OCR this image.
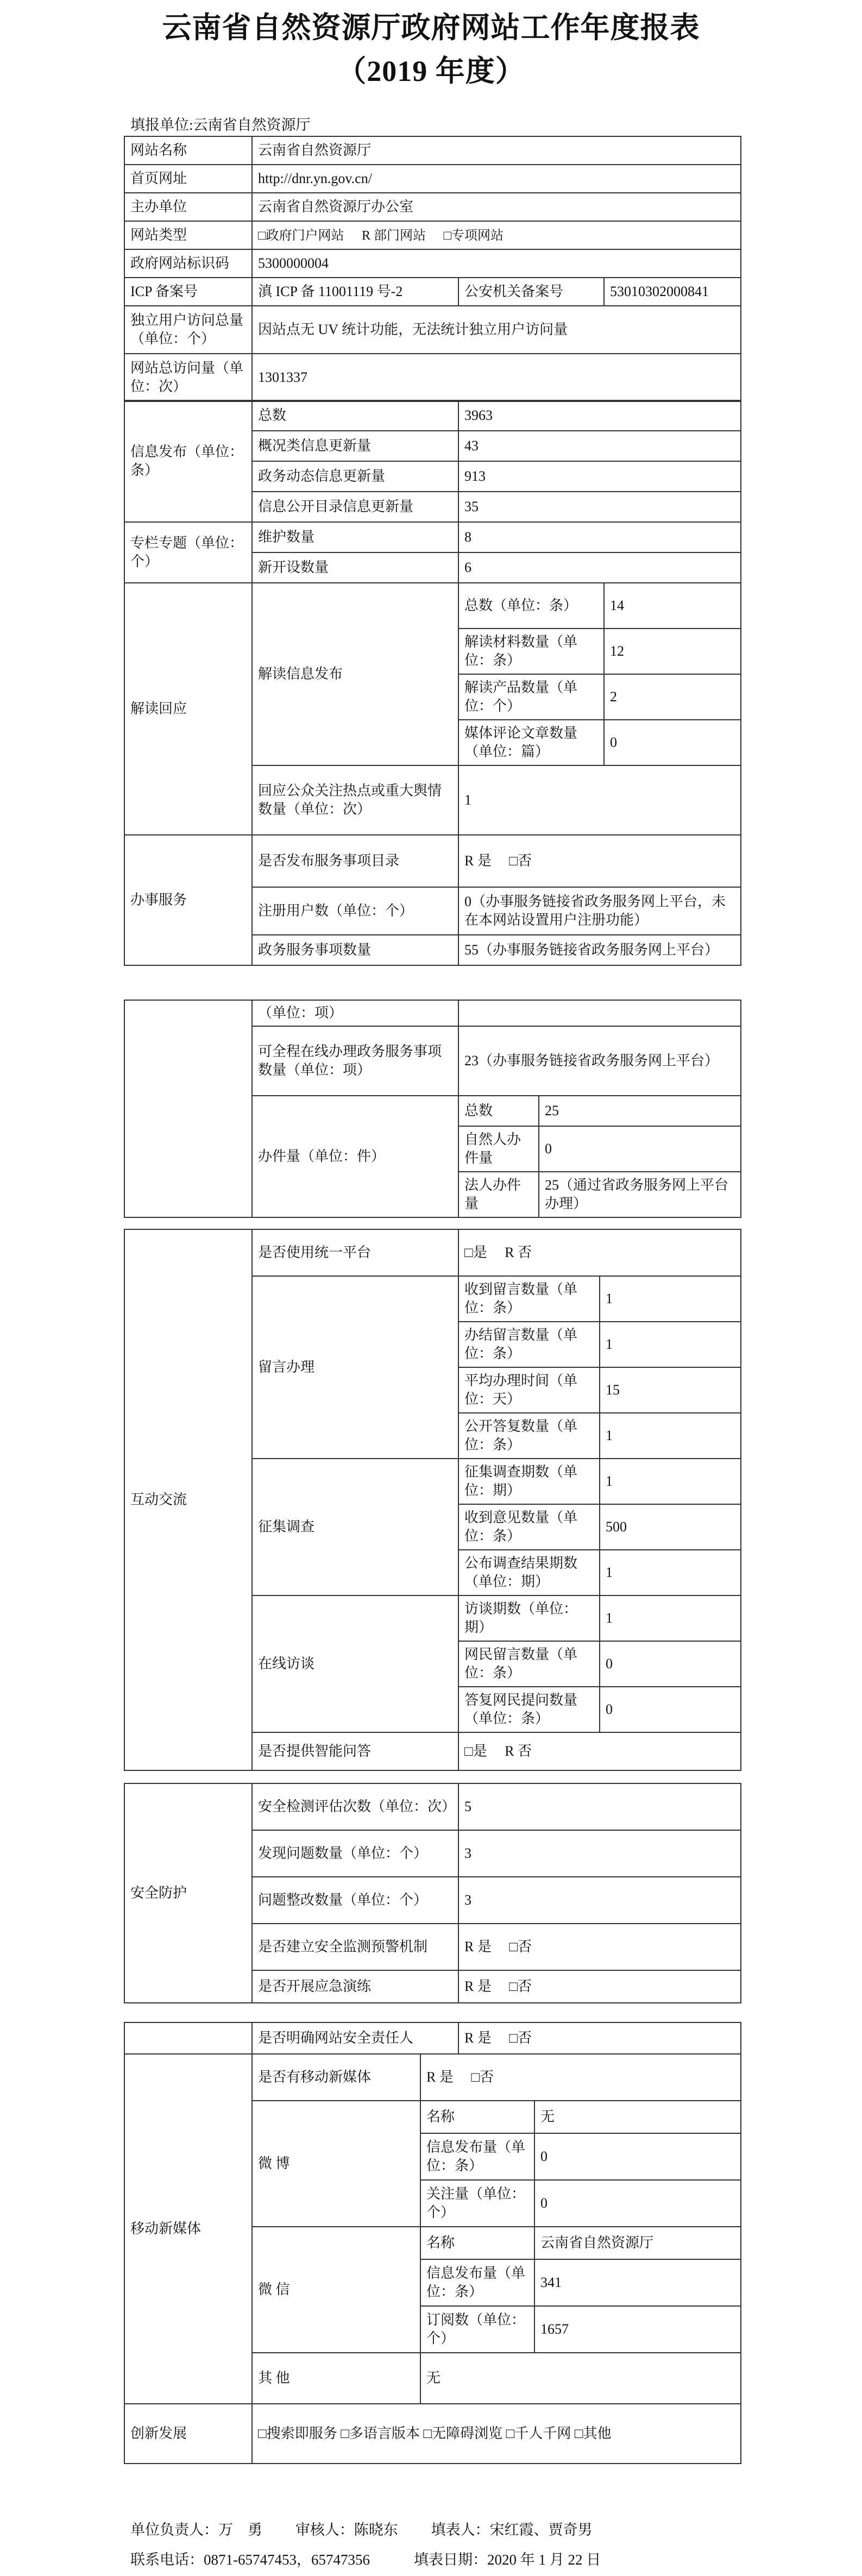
云南省自然资源厅政府网站工作年度报表
（2019 年度）
填报单位:云南省自然资源厅
网站名称	云南省自然资源厅		
首页网址	http://dnr.yn.gov.cn/		
主办单位	云南省自然资源厅办公室		
网站类型	□政府门户网站　 R 部门网站　 □专项网站		
政府网站标识码	5300000004		
ICP 备案号	滇 ICP 备 11001119 号-2	公安机关备案号	53010302000841
独立用户访问总量（单位：个）	因站点无 UV 统计功能，无法统计独立用户访问量		
网站总访问量（单位：次）	1301337		
信息发布（单位：条）	总数	3963	
	概况类信息更新量	43	
	政务动态信息更新量	913	
	信息公开目录信息更新量	35	
专栏专题（单位：个）	维护数量	8	
	新开设数量	6	
解读回应	解读信息发布	总数（单位：条）	14
		解读材料数量（单位：条）	12
		解读产品数量（单位：个）	2
		媒体评论文章数量（单位：篇）	0
	回应公众关注热点或重大舆情数量（单位：次）	1	
办事服务	是否发布服务事项目录	R 是　 □否	
	注册用户数（单位：个）	0（办事服务链接省政务服务网上平台，未在本网站设置用户注册功能）	
	政务服务事项数量	55（办事服务链接省政务服务网上平台）	
	（单位：项）		
	可全程在线办理政务服务事项数量（单位：项）	23（办事服务链接省政务服务网上平台）	
	办件量（单位：件）	总数	25
		自然人办件量	0
		法人办件量	25（通过省政务服务网上平台办理）
互动交流	是否使用统一平台	□是　 R 否	
	留言办理	收到留言数量（单位：条）	1
		办结留言数量（单位：条）	1
		平均办理时间（单位：天）	15
		公开答复数量（单位：条）	1
	征集调查	征集调查期数（单位：期）	1
		收到意见数量（单位：条）	500
		公布调查结果期数（单位：期）	1
	在线访谈	访谈期数（单位：期）	1
		网民留言数量（单位：条）	0
		答复网民提问数量（单位：条）	0
	是否提供智能问答	□是　 R 否	
安全防护	安全检测评估次数（单位：次）	5
	发现问题数量（单位：个）	3
	问题整改数量（单位：个）	3
	是否建立安全监测预警机制	R 是　 □否
	是否开展应急演练	R 是　 □否
	是否明确网站安全责任人	R 是　 □否
移动新媒体	是否有移动新媒体	R 是　 □否	
	微 博	名称	无
		信息发布量（单位：条）	0
		关注量（单位：个）	0
	微 信	名称	云南省自然资源厅
		信息发布量（单位：条）	341
		订阅数（单位：个）	1657
	其 他	无	
创新发展	□搜索即服务 □多语言版本 □无障碍浏览 □千人千网 □其他
单位负责人：万　勇　　 审核人：陈晓东　　 填表人：宋红霞、贾奇男
联系电话：0871-65747453，65747356　　　填表日期：2020 年 1 月 22 日
